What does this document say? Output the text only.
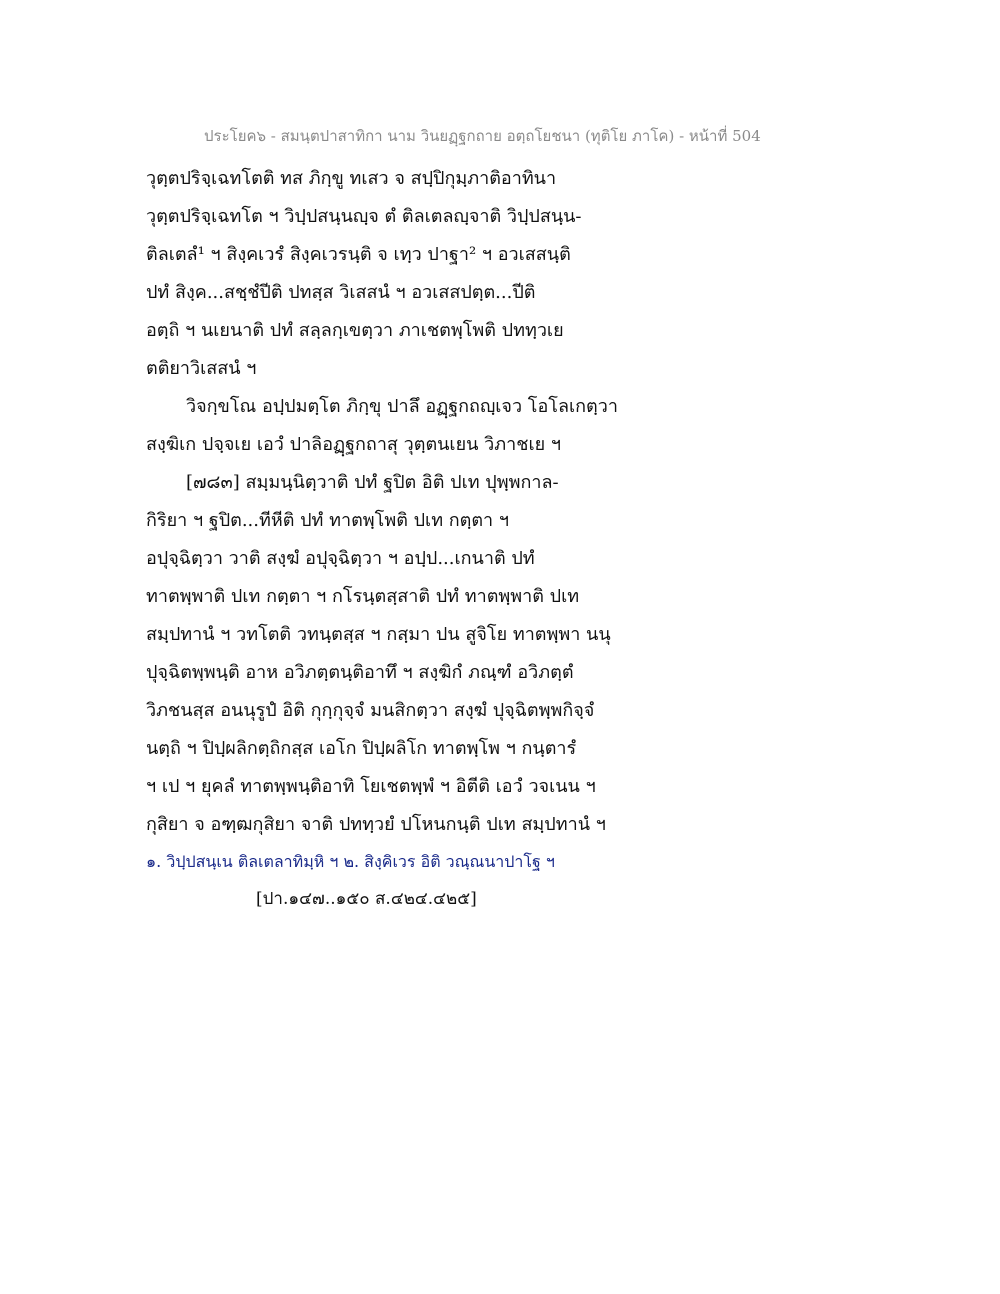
ประโยค๖ - สมนฺตปาสาทิกา นาม วินยฏฺฐกถาย อตฺถโยชนา (ทุติโย ภาโค) - หน้าที่ 504
วุตฺตปริจฺเฉทโตติ ทส ภิกฺขู ทเสว จ สปฺปิกุมฺภาติอาทินา
วุตฺตปริจฺเฉทโต ฯ วิปฺปสนฺนญฺจ ตํ ติลเตลญฺจาติ วิปฺปสนฺน-
ติลเตลํ¹ ฯ สิงฺคเวรํ สิงฺคเวรนฺติ จ เทฺว ปาฐา² ฯ อวเสสนฺติ
ปทํ สิงฺค...สชฺชํปีติ ปทสฺส วิเสสนํ ฯ อวเสสปตฺต...ปีติ
อตฺถิ ฯ นเยนาติ ปทํ สลฺลกฺเขตฺวา ภาเชตพฺโพติ ปททฺวเย
ตติยาวิเสสนํ ฯ
วิจกฺขโณ อปฺปมตฺโต ภิกฺขุ ปาลึ อฏฺฐกถญฺเจว โอโลเกตฺวา
สงฺฆิเก ปจฺจเย เอวํ ปาลิอฏฺฐกถาสุ วุตฺตนเยน วิภาชเย ฯ
[๗๘๓] สมฺมนฺนิตฺวาติ ปทํ ฐปิต อิติ ปเท ปุพฺพกาล-
กิริยา ฯ ฐปิต...ทีหีติ ปทํ ทาตพฺโพติ ปเท กตฺตา ฯ
อปุจฺฉิตฺวา วาติ สงฺฆํ อปุจฺฉิตฺวา ฯ อปฺป...เกนาติ ปทํ
ทาตพฺพาติ ปเท กตฺตา ฯ กโรนฺตสฺสาติ ปทํ ทาตพฺพาติ ปเท
สมฺปทานํ ฯ วทโตติ วทนฺตสฺส ฯ กสฺมา ปน สูจิโย ทาตพฺพา นนุ
ปุจฺฉิตพฺพนฺติ อาห อวิภตฺตนฺติอาทึ ฯ สงฺฆิกํ ภณฺฑํ อวิภตฺตํ
วิภชนสฺส อนนุรูปํ อิติ กุกฺกุจฺจํ มนสิกตฺวา สงฺฆํ ปุจฺฉิตพฺพกิจฺจํ
นตฺถิ ฯ ปิปฺผลิกตฺถิกสฺส เอโก ปิปฺผลิโก ทาตพฺโพ ฯ กนฺตารํ
ฯ เป ฯ ยุคลํ ทาตพฺพนฺติอาทิ โยเชตพฺพํ ฯ อิตีติ เอวํ วจเนน ฯ
กุสิยา จ อฑฺฒกุสิยา จาติ ปททฺวยํ ปโหนกนฺติ ปเท สมฺปทานํ ฯ
๑. วิปฺปสนฺเน ติลเตลาทิมฺหิ ฯ ๒. สิงฺคิเวร อิติ วณฺณนาปาโฐ ฯ
[ปา.๑๔๗..๑๕๐ ส.๔๒๔.๔๒๕]
